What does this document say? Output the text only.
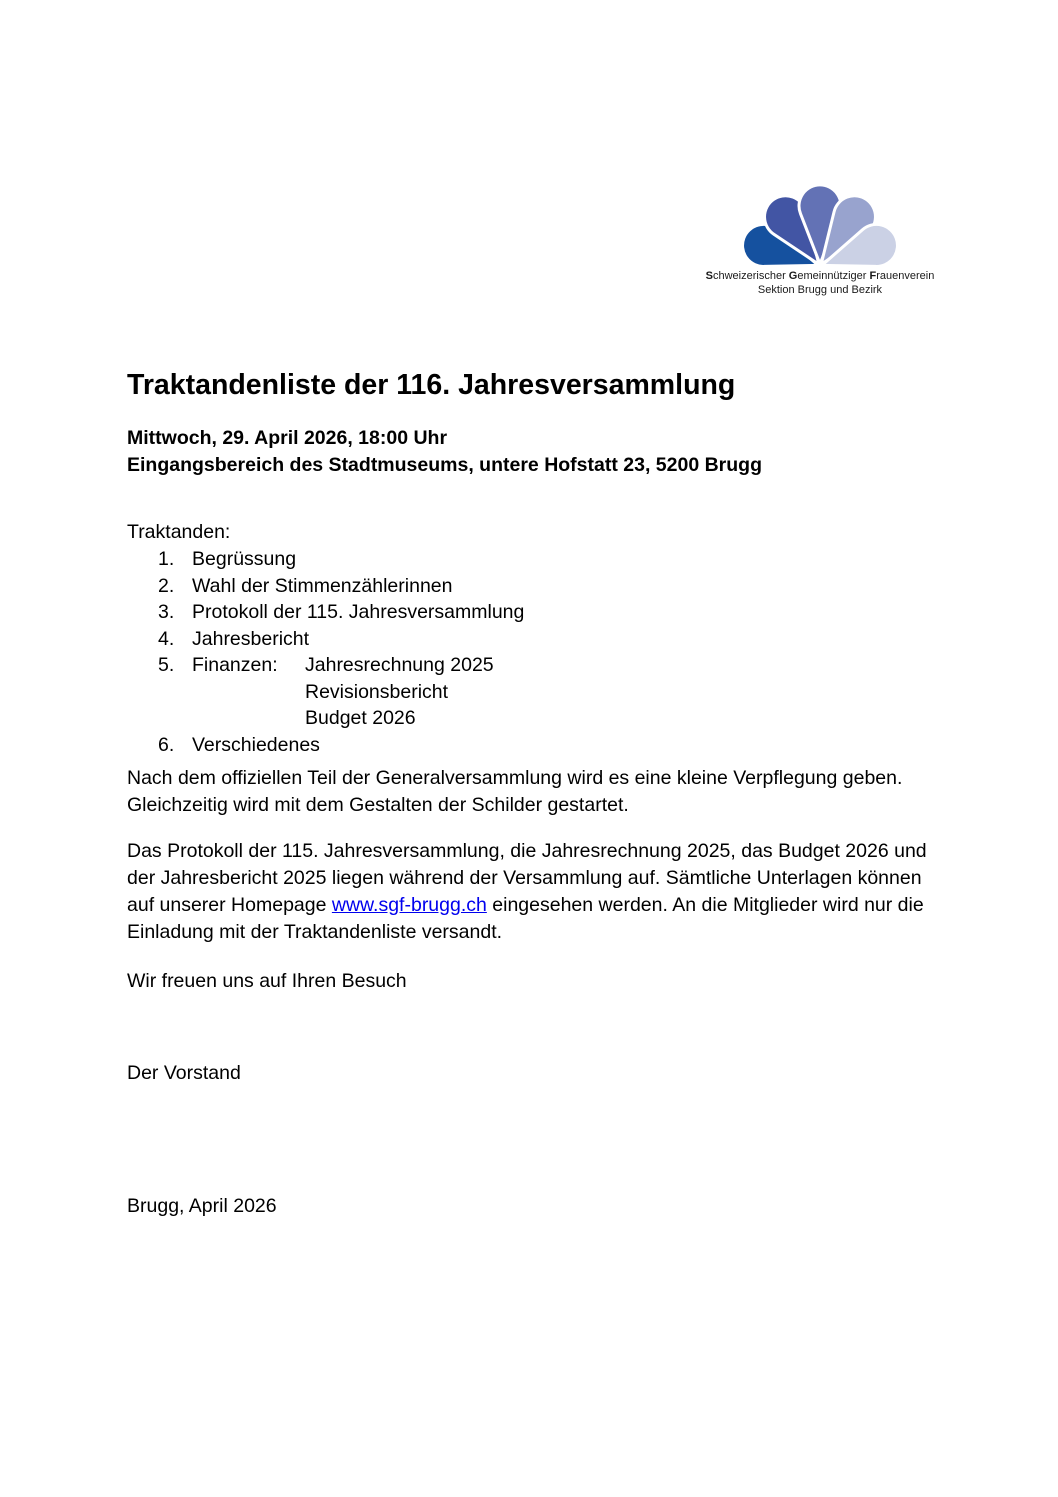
Schweizerischer Gemeinnütziger Frauenverein
Sektion Brugg und Bezirk
Traktandenliste der 116. Jahresversammlung
Mittwoch, 29. April 2026, 18:00 Uhr
Eingangsbereich des Stadtmuseums, untere Hofstatt 23, 5200 Brugg
Traktanden:
1. Begrüssung
2. Wahl der Stimmenzählerinnen
3. Protokoll der 115. Jahresversammlung
4. Jahresbericht
5. Finanzen:	Jahresrechnung 2025
Revisionsbericht
Budget 2026
6. Verschiedenes
Nach dem offiziellen Teil der Generalversammlung wird es eine kleine Verpflegung geben.
Gleichzeitig wird mit dem Gestalten der Schilder gestartet.
Das Protokoll der 115. Jahresversammlung, die Jahresrechnung 2025, das Budget 2026 und
der Jahresbericht 2025 liegen während der Versammlung auf. Sämtliche Unterlagen können
auf unserer Homepage www.sgf-brugg.ch eingesehen werden. An die Mitglieder wird nur die
Einladung mit der Traktandenliste versandt.
Wir freuen uns auf Ihren Besuch
Der Vorstand
Brugg, April 2026
